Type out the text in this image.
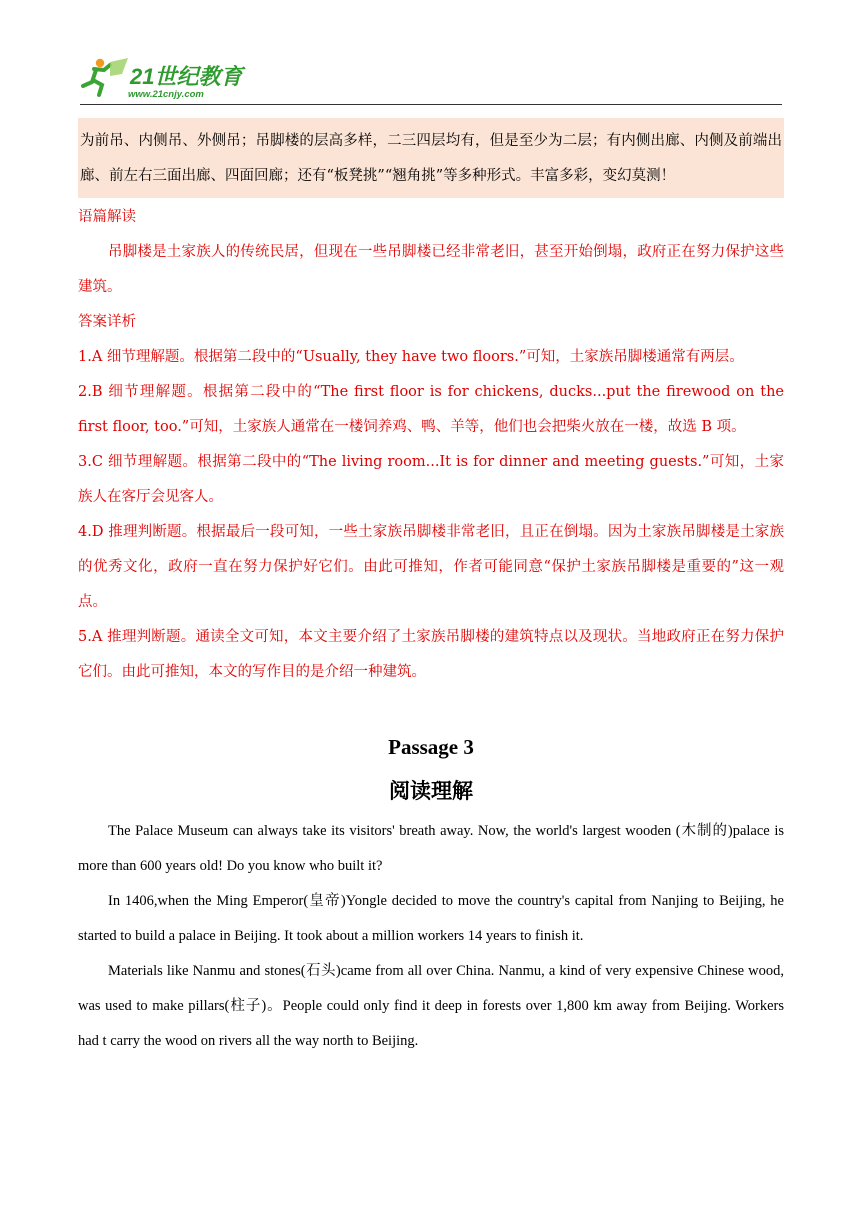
21世纪教育
www.21cnjy.com

为前吊、内侧吊、外侧吊；吊脚楼的层高多样，二三四层均有，但是至少为二层；有内侧出廊、内侧及前端出廊、前左右三面出廊、四面回廊；还有“板凳挑”“翘角挑”等多种形式。丰富多彩，变幻莫测！

语篇解读

吊脚楼是土家族人的传统民居，但现在一些吊脚楼已经非常老旧，甚至开始倒塌，政府正在努力保护这些建筑。

答案详析

1.A 细节理解题。根据第二段中的“Usually, they have two floors.”可知，土家族吊脚楼通常有两层。

2.B 细节理解题。根据第二段中的“The first floor is for chickens, ducks...put the firewood on the first floor, too.”可知，土家族人通常在一楼饲养鸡、鸭、羊等，他们也会把柴火放在一楼，故选 B 项。

3.C 细节理解题。根据第二段中的“The living room...It is for dinner and meeting guests.”可知，土家族人在客厅会见客人。

4.D 推理判断题。根据最后一段可知，一些土家族吊脚楼非常老旧，且正在倒塌。因为土家族吊脚楼是土家族的优秀文化，政府一直在努力保护好它们。由此可推知，作者可能同意“保护土家族吊脚楼是重要的”这一观点。

5.A 推理判断题。通读全文可知，本文主要介绍了土家族吊脚楼的建筑特点以及现状。当地政府正在努力保护它们。由此可推知，本文的写作目的是介绍一种建筑。

Passage 3
阅读理解

The Palace Museum can always take its visitors' breath away. Now, the world's largest wooden (木制的)palace is more than 600 years old! Do you know who built it?

In 1406,when the Ming Emperor(皇帝)Yongle decided to move the country's capital from Nanjing to Beijing, he started to build a palace in Beijing. It took about a million workers 14 years to finish it.

Materials like Nanmu and stones(石头)came from all over China. Nanmu, a kind of very expensive Chinese wood, was used to make pillars(柱子)。People could only find it deep in forests over 1,800 km away from Beijing. Workers had t carry the wood on rivers all the way north to Beijing.
